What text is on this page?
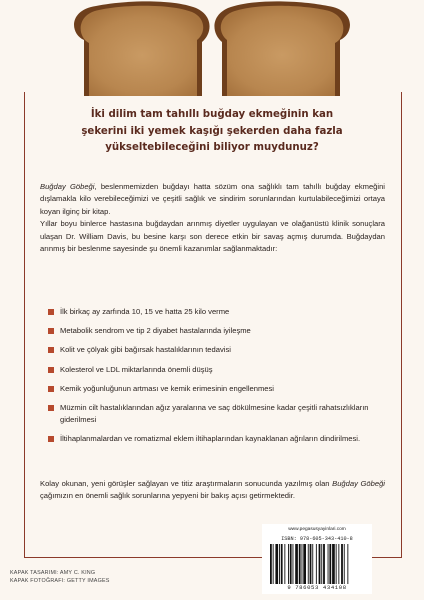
İki dilim tam tahıllı buğday ekmeğinin kan
şekerini iki yemek kaşığı şekerden daha fazla
yükseltebileceğini biliyor muydunuz?

Buğday Göbeği, beslenmemizden buğdayı hatta sözüm ona sağlıklı tam tahıllı buğday ekmeğini dışlamakla kilo verebileceğimizi ve çeşitli sağlık ve sindirim sorunlarından kurtulabileceğimizi ortaya koyan ilginç bir kitap.

Yıllar boyu binlerce hastasına buğdaydan arınmış diyetler uygulayan ve olağanüstü klinik sonuçlara ulaşan Dr. William Davis, bu besine karşı son derece etkin bir savaş açmış durumda. Buğdaydan arınmış bir beslenme sayesinde şu önemli kazanımlar sağlanmaktadır:

İlk birkaç ay zarfında 10, 15 ve hatta 25 kilo verme
Metabolik sendrom ve tip 2 diyabet hastalarında iyileşme
Kolit ve çölyak gibi bağırsak hastalıklarının tedavisi
Kolesterol ve LDL miktarlarında önemli düşüş
Kemik yoğunluğunun artması ve kemik erimesinin engellenmesi
Müzmin cilt hastalıklarından ağız yaralarına ve saç dökülmesine kadar çeşitli rahatsızlıkların giderilmesi
İltihaplanmalardan ve romatizmal eklem iltihaplarından kaynaklanan ağrıların dindirilmesi.

Kolay okunan, yeni görüşler sağlayan ve titiz araştırmaların sonucunda yazılmış olan Buğday Göbeği çağımızın en önemli sağlık sorunlarına yepyeni bir bakış açısı getirmektedir.

www.pegasusyayinlari.com
ISBN: 978-605-343-410-8
9 786053 434108
KAPAK TASARIMI: AMY C. KING
KAPAK FOTOĞRAFI: GETTY IMAGES
